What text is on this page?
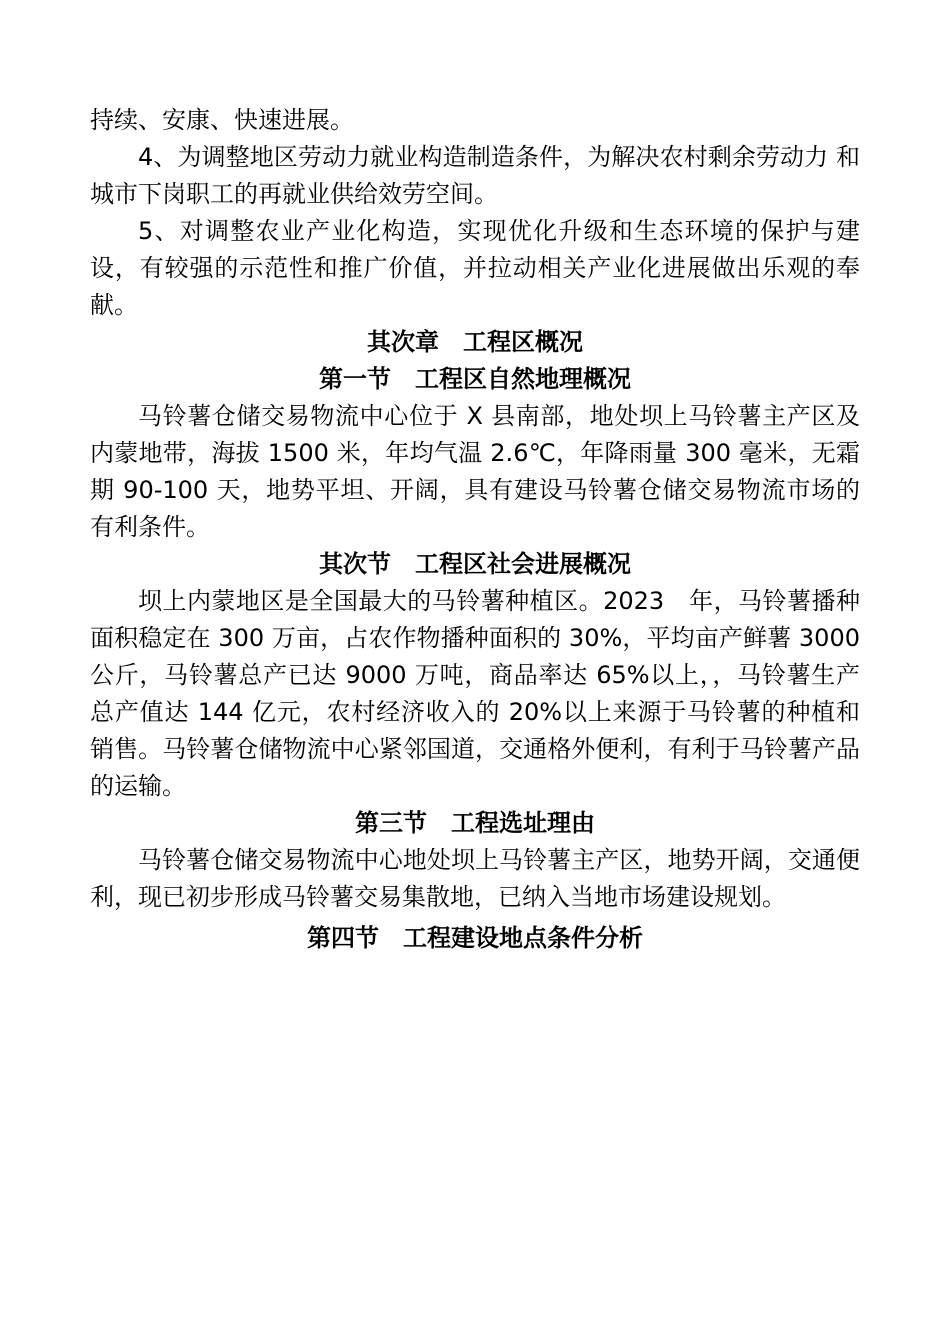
持续、安康、快速进展。

4、为调整地区劳动力就业构造制造条件，为解决农村剩余劳动力 和城市下岗职工的再就业供给效劳空间。

5、对调整农业产业化构造，实现优化升级和生态环境的保护与建设，有较强的示范性和推广价值，并拉动相关产业化进展做出乐观的奉献。

其次章　工程区概况
第一节　工程区自然地理概况

马铃薯仓储交易物流中心位于 X 县南部，地处坝上马铃薯主产区及内蒙地带，海拔 1500 米，年均气温 2.6℃，年降雨量 300 毫米，无霜期 90-100 天，地势平坦、开阔，具有建设马铃薯仓储交易物流市场的有利条件。

其次节　工程区社会进展概况

坝上内蒙地区是全国最大的马铃薯种植区。2023　年，马铃薯播种面积稳定在 300 万亩，占农作物播种面积的 30%，平均亩产鲜薯 3000 公斤，马铃薯总产已达 9000 万吨，商品率达 65%以上，，马铃薯生产总产值达 144 亿元，农村经济收入的 20%以上来源于马铃薯的种植和销售。马铃薯仓储物流中心紧邻国道，交通格外便利，有利于马铃薯产品的运输。

第三节　工程选址理由

马铃薯仓储交易物流中心地处坝上马铃薯主产区，地势开阔，交通便利，现已初步形成马铃薯交易集散地，已纳入当地市场建设规划。

第四节　工程建设地点条件分析
